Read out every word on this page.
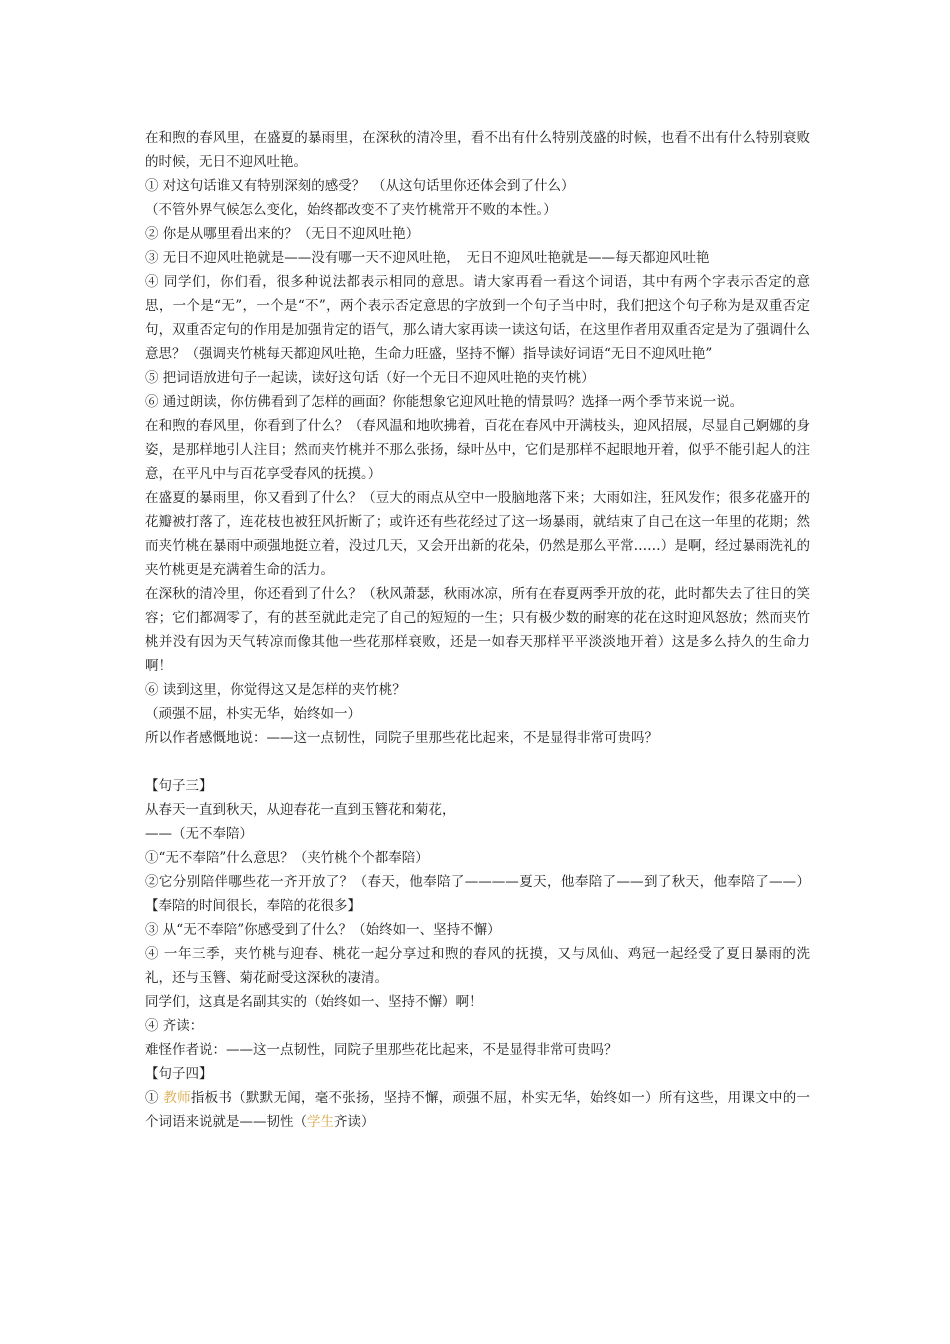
在和煦的春风里，在盛夏的暴雨里，在深秋的清冷里，看不出有什么特别茂盛的时候，也看不出有什么特别衰败的时候，无日不迎风吐艳。

① 对这句话谁又有特别深刻的感受？　（从这句话里你还体会到了什么）

（不管外界气候怎么变化，始终都改变不了夹竹桃常开不败的本性。）

② 你是从哪里看出来的？（无日不迎风吐艳）

③ 无日不迎风吐艳就是——没有哪一天不迎风吐艳，　无日不迎风吐艳就是——每天都迎风吐艳

④ 同学们，你们看，很多种说法都表示相同的意思。请大家再看一看这个词语，其中有两个字表示否定的意思，一个是“无”，一个是“不”，两个表示否定意思的字放到一个句子当中时，我们把这个句子称为是双重否定句，双重否定句的作用是加强肯定的语气，那么请大家再读一读这句话，在这里作者用双重否定是为了强调什么意思？（强调夹竹桃每天都迎风吐艳，生命力旺盛，坚持不懈）指导读好词语“无日不迎风吐艳”

⑤ 把词语放进句子一起读，读好这句话（好一个无日不迎风吐艳的夹竹桃）

⑥ 通过朗读，你仿佛看到了怎样的画面？你能想象它迎风吐艳的情景吗？选择一两个季节来说一说。

在和煦的春风里，你看到了什么？（春风温和地吹拂着，百花在春风中开满枝头，迎风招展，尽显自己婀娜的身姿，是那样地引人注目；然而夹竹桃并不那么张扬，绿叶丛中，它们是那样不起眼地开着，似乎不能引起人的注意，在平凡中与百花享受春风的抚摸。）

在盛夏的暴雨里，你又看到了什么？（豆大的雨点从空中一股脑地落下来；大雨如注，狂风发作；很多花盛开的花瓣被打落了，连花枝也被狂风折断了；或许还有些花经过了这一场暴雨，就结束了自己在这一年里的花期；然而夹竹桃在暴雨中顽强地挺立着，没过几天，又会开出新的花朵，仍然是那么平常……）是啊，经过暴雨洗礼的夹竹桃更是充满着生命的活力。

在深秋的清冷里，你还看到了什么？（秋风萧瑟，秋雨冰凉，所有在春夏两季开放的花，此时都失去了往日的笑容；它们都凋零了，有的甚至就此走完了自己的短短的一生；只有极少数的耐寒的花在这时迎风怒放；然而夹竹桃并没有因为天气转凉而像其他一些花那样衰败，还是一如春天那样平平淡淡地开着）这是多么持久的生命力啊！

⑥ 读到这里，你觉得这又是怎样的夹竹桃？

（顽强不屈，朴实无华，始终如一）

所以作者感慨地说：——这一点韧性，同院子里那些花比起来，不是显得非常可贵吗？

【句子三】

从春天一直到秋天，从迎春花一直到玉簪花和菊花，

——（无不奉陪）

①“无不奉陪”什么意思？（夹竹桃个个都奉陪）

②它分别陪伴哪些花一齐开放了？（春天，他奉陪了————夏天，他奉陪了——到了秋天，他奉陪了——）【奉陪的时间很长，奉陪的花很多】

③ 从“无不奉陪”你感受到了什么？（始终如一、坚持不懈）

④ 一年三季，夹竹桃与迎春、桃花一起分享过和煦的春风的抚摸，又与凤仙、鸡冠一起经受了夏日暴雨的洗礼，还与玉簪、菊花耐受这深秋的凄清。

同学们，这真是名副其实的（始终如一、坚持不懈）啊！

④ 齐读：

难怪作者说：——这一点韧性，同院子里那些花比起来，不是显得非常可贵吗？

【句子四】

① 教师指板书（默默无闻，毫不张扬，坚持不懈，顽强不屈，朴实无华，始终如一）所有这些，用课文中的一个词语来说就是——韧性（学生齐读）
